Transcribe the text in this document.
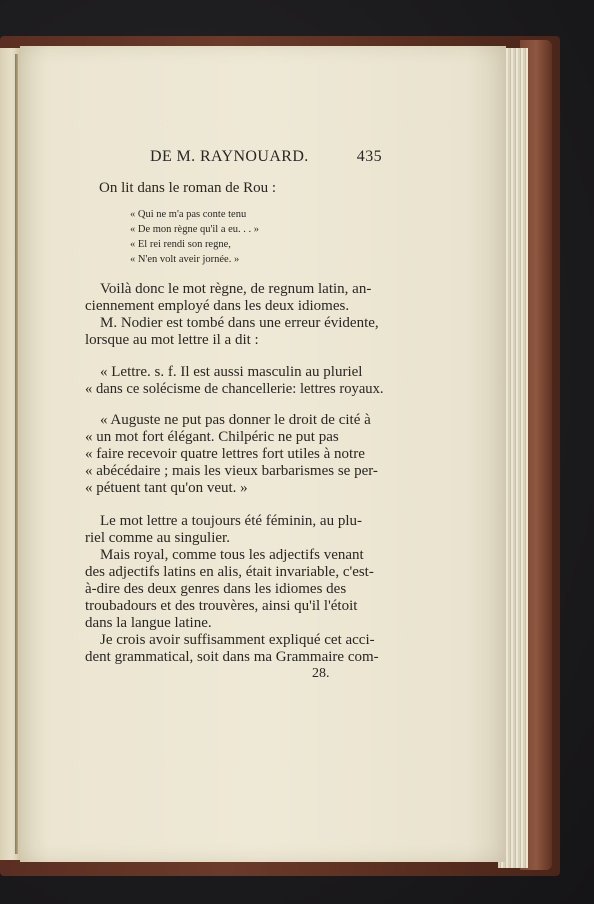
DE M. RAYNOUARD.	435
On lit dans le roman de Rou :
« Qui ne m'a pas conte tenu
« De mon règne qu'il a eu. . . »
« El rei rendi son regne,
« N'en volt aveir jornée. »
Voilà donc le mot règne, de regnum latin, an-
ciennement employé dans les deux idiomes.
M. Nodier est tombé dans une erreur évidente,
lorsque au mot lettre il a dit :
« Lettre. s. f. Il est aussi masculin au pluriel
« dans ce solécisme de chancellerie: lettres royaux.
« Auguste ne put pas donner le droit de cité à
« un mot fort élégant. Chilpéric ne put pas
« faire recevoir quatre lettres fort utiles à notre
« abécédaire ; mais les vieux barbarismes se per-
« pétuent tant qu'on veut. »
Le mot lettre a toujours été féminin, au plu-
riel comme au singulier.
Mais royal, comme tous les adjectifs venant
des adjectifs latins en alis, était invariable, c'est-
à-dire des deux genres dans les idiomes des
troubadours et des trouvères, ainsi qu'il l'étoit
dans la langue latine.
Je crois avoir suffisamment expliqué cet acci-
dent grammatical, soit dans ma Grammaire com-
28.
